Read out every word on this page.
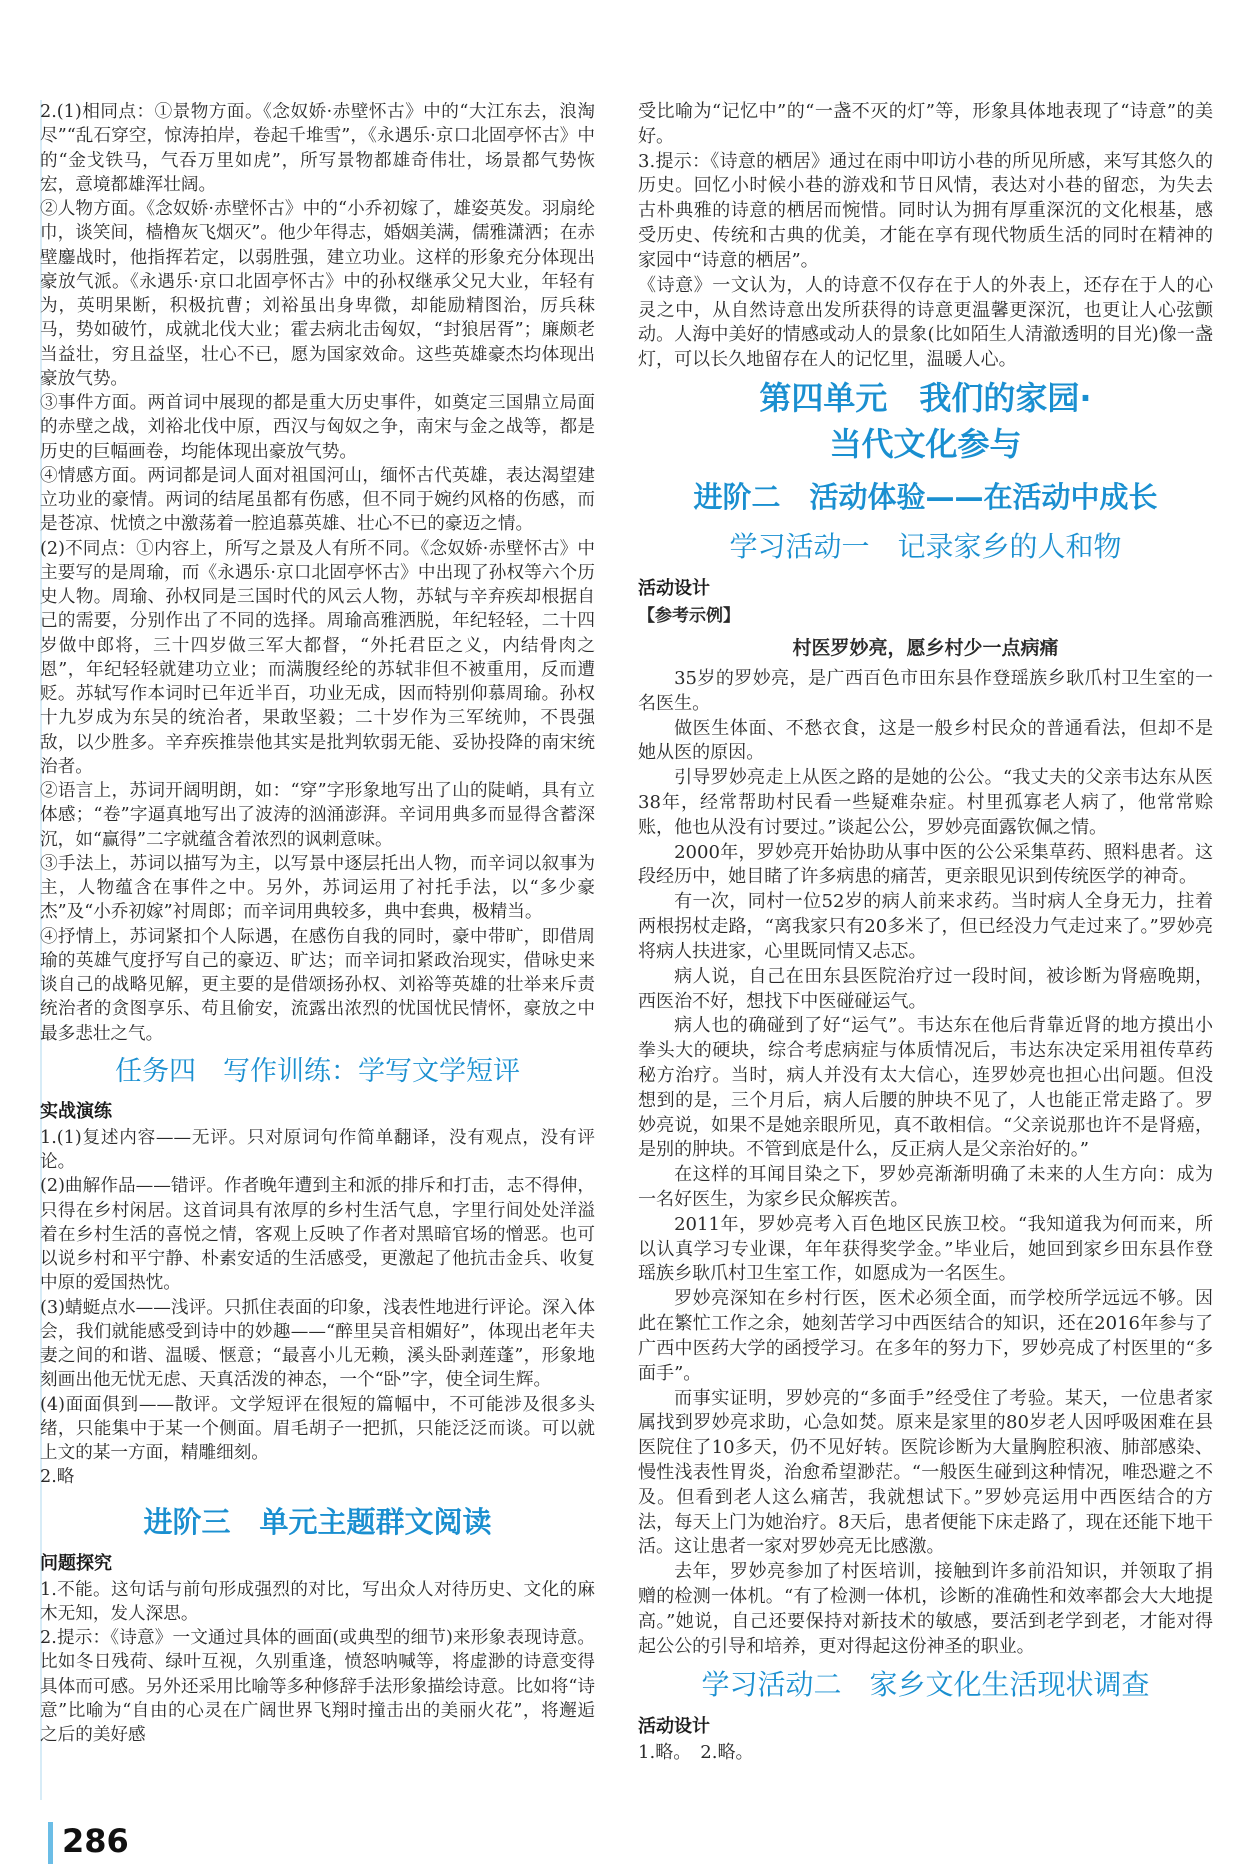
2.(1)相同点：①景物方面。《念奴娇·赤壁怀古》中的“大江东去，浪淘尽”“乱石穿空，惊涛拍岸，卷起千堆雪”，《永遇乐·京口北固亭怀古》中的“金戈铁马，气吞万里如虎”，所写景物都雄奇伟壮，场景都气势恢宏，意境都雄浑壮阔。

②人物方面。《念奴娇·赤壁怀古》中的“小乔初嫁了，雄姿英发。羽扇纶巾，谈笑间，樯橹灰飞烟灭”。他少年得志，婚姻美满，儒雅潇洒；在赤壁鏖战时，他指挥若定，以弱胜强，建立功业。这样的形象充分体现出豪放气派。《永遇乐·京口北固亭怀古》中的孙权继承父兄大业，年轻有为，英明果断，积极抗曹；刘裕虽出身卑微，却能励精图治，厉兵秣马，势如破竹，成就北伐大业；霍去病北击匈奴，“封狼居胥”；廉颇老当益壮，穷且益坚，壮心不已，愿为国家效命。这些英雄豪杰均体现出豪放气势。

③事件方面。两首词中展现的都是重大历史事件，如奠定三国鼎立局面的赤壁之战，刘裕北伐中原，西汉与匈奴之争，南宋与金之战等，都是历史的巨幅画卷，均能体现出豪放气势。

④情感方面。两词都是词人面对祖国河山，缅怀古代英雄，表达渴望建立功业的豪情。两词的结尾虽都有伤感，但不同于婉约风格的伤感，而是苍凉、忧愤之中激荡着一腔追慕英雄、壮心不已的豪迈之情。

(2)不同点：①内容上，所写之景及人有所不同。《念奴娇·赤壁怀古》中主要写的是周瑜，而《永遇乐·京口北固亭怀古》中出现了孙权等六个历史人物。周瑜、孙权同是三国时代的风云人物，苏轼与辛弃疾却根据自己的需要，分别作出了不同的选择。周瑜高雅洒脱，年纪轻轻，二十四岁做中郎将，三十四岁做三军大都督，“外托君臣之义，内结骨肉之恩”，年纪轻轻就建功立业；而满腹经纶的苏轼非但不被重用，反而遭贬。苏轼写作本词时已年近半百，功业无成，因而特别仰慕周瑜。孙权十九岁成为东吴的统治者，果敢坚毅；二十岁作为三军统帅，不畏强敌，以少胜多。辛弃疾推崇他其实是批判软弱无能、妥协投降的南宋统治者。

②语言上，苏词开阔明朗，如：“穿”字形象地写出了山的陡峭，具有立体感；“卷”字逼真地写出了波涛的汹涌澎湃。辛词用典多而显得含蓄深沉，如“赢得”二字就蕴含着浓烈的讽刺意味。

③手法上，苏词以描写为主，以写景中逐层托出人物，而辛词以叙事为主，人物蕴含在事件之中。另外，苏词运用了衬托手法，以“多少豪杰”及“小乔初嫁”衬周郎；而辛词用典较多，典中套典，极精当。

④抒情上，苏词紧扣个人际遇，在感伤自我的同时，豪中带旷，即借周瑜的英雄气度抒写自己的豪迈、旷达；而辛词扣紧政治现实，借咏史来谈自己的战略见解，更主要的是借颂扬孙权、刘裕等英雄的壮举来斥责统治者的贪图享乐、苟且偷安，流露出浓烈的忧国忧民情怀，豪放之中最多悲壮之气。

任务四　写作训练：学写文学短评
实战演练

1.(1)复述内容——无评。只对原词句作简单翻译，没有观点，没有评论。

(2)曲解作品——错评。作者晚年遭到主和派的排斥和打击，志不得伸，只得在乡村闲居。这首词具有浓厚的乡村生活气息，字里行间处处洋溢着在乡村生活的喜悦之情，客观上反映了作者对黑暗官场的憎恶。也可以说乡村和平宁静、朴素安适的生活感受，更激起了他抗击金兵、收复中原的爱国热忱。

(3)蜻蜓点水——浅评。只抓住表面的印象，浅表性地进行评论。深入体会，我们就能感受到诗中的妙趣——“醉里吴音相媚好”，体现出老年夫妻之间的和谐、温暖、惬意；“最喜小儿无赖，溪头卧剥莲蓬”，形象地刻画出他无忧无虑、天真活泼的神态，一个“卧”字，使全词生辉。

(4)面面俱到——散评。文学短评在很短的篇幅中，不可能涉及很多头绪，只能集中于某一个侧面。眉毛胡子一把抓，只能泛泛而谈。可以就上文的某一方面，精雕细刻。

2.略

进阶三　单元主题群文阅读
问题探究

1.不能。这句话与前句形成强烈的对比，写出众人对待历史、文化的麻木无知，发人深思。

2.提示：《诗意》一文通过具体的画面(或典型的细节)来形象表现诗意。比如冬日残荷、绿叶互视，久别重逢，愤怒呐喊等，将虚渺的诗意变得具体而可感。另外还采用比喻等多种修辞手法形象描绘诗意。比如将“诗意”比喻为“自由的心灵在广阔世界飞翔时撞击出的美丽火花”，将邂逅之后的美好感

受比喻为“记忆中”的“一盏不灭的灯”等，形象具体地表现了“诗意”的美好。

3.提示：《诗意的栖居》通过在雨中叩访小巷的所见所感，来写其悠久的历史。回忆小时候小巷的游戏和节日风情，表达对小巷的留恋，为失去古朴典雅的诗意的栖居而惋惜。同时认为拥有厚重深沉的文化根基，感受历史、传统和古典的优美，才能在享有现代物质生活的同时在精神的家园中“诗意的栖居”。

《诗意》一文认为，人的诗意不仅存在于人的外表上，还存在于人的心灵之中，从自然诗意出发所获得的诗意更温馨更深沉，也更让人心弦颤动。人海中美好的情感或动人的景象(比如陌生人清澈透明的目光)像一盏灯，可以长久地留存在人的记忆里，温暖人心。

第四单元　我们的家园·
当代文化参与
进阶二　活动体验——在活动中成长
学习活动一　记录家乡的人和物
活动设计

【参考示例】

村医罗妙亮，愿乡村少一点病痛

35岁的罗妙亮，是广西百色市田东县作登瑶族乡耿爪村卫生室的一名医生。

做医生体面、不愁衣食，这是一般乡村民众的普通看法，但却不是她从医的原因。

引导罗妙亮走上从医之路的是她的公公。“我丈夫的父亲韦达东从医38年，经常帮助村民看一些疑难杂症。村里孤寡老人病了，他常常赊账，他也从没有讨要过。”谈起公公，罗妙亮面露钦佩之情。

2000年，罗妙亮开始协助从事中医的公公采集草药、照料患者。这段经历中，她目睹了许多病患的痛苦，更亲眼见识到传统医学的神奇。

有一次，同村一位52岁的病人前来求药。当时病人全身无力，拄着两根拐杖走路，“离我家只有20多米了，但已经没力气走过来了。”罗妙亮将病人扶进家，心里既同情又忐忑。

病人说，自己在田东县医院治疗过一段时间，被诊断为肾癌晚期，西医治不好，想找下中医碰碰运气。

病人也的确碰到了好“运气”。韦达东在他后背靠近肾的地方摸出小拳头大的硬块，综合考虑病症与体质情况后，韦达东决定采用祖传草药秘方治疗。当时，病人并没有太大信心，连罗妙亮也担心出问题。但没想到的是，三个月后，病人后腰的肿块不见了，人也能正常走路了。罗妙亮说，如果不是她亲眼所见，真不敢相信。“父亲说那也许不是肾癌，是别的肿块。不管到底是什么，反正病人是父亲治好的。”

在这样的耳闻目染之下，罗妙亮渐渐明确了未来的人生方向：成为一名好医生，为家乡民众解疾苦。

2011年，罗妙亮考入百色地区民族卫校。“我知道我为何而来，所以认真学习专业课，年年获得奖学金。”毕业后，她回到家乡田东县作登瑶族乡耿爪村卫生室工作，如愿成为一名医生。

罗妙亮深知在乡村行医，医术必须全面，而学校所学远远不够。因此在繁忙工作之余，她刻苦学习中西医结合的知识，还在2016年参与了广西中医药大学的函授学习。在多年的努力下，罗妙亮成了村医里的“多面手”。

而事实证明，罗妙亮的“多面手”经受住了考验。某天，一位患者家属找到罗妙亮求助，心急如焚。原来是家里的80岁老人因呼吸困难在县医院住了10多天，仍不见好转。医院诊断为大量胸腔积液、肺部感染、慢性浅表性胃炎，治愈希望渺茫。“一般医生碰到这种情况，唯恐避之不及。但看到老人这么痛苦，我就想试下。”罗妙亮运用中西医结合的方法，每天上门为她治疗。8天后，患者便能下床走路了，现在还能下地干活。这让患者一家对罗妙亮无比感激。

去年，罗妙亮参加了村医培训，接触到许多前沿知识，并领取了捐赠的检测一体机。“有了检测一体机，诊断的准确性和效率都会大大地提高。”她说，自己还要保持对新技术的敏感，要活到老学到老，才能对得起公公的引导和培养，更对得起这份神圣的职业。

学习活动二　家乡文化生活现状调查
活动设计

1.略。　2.略。

286
